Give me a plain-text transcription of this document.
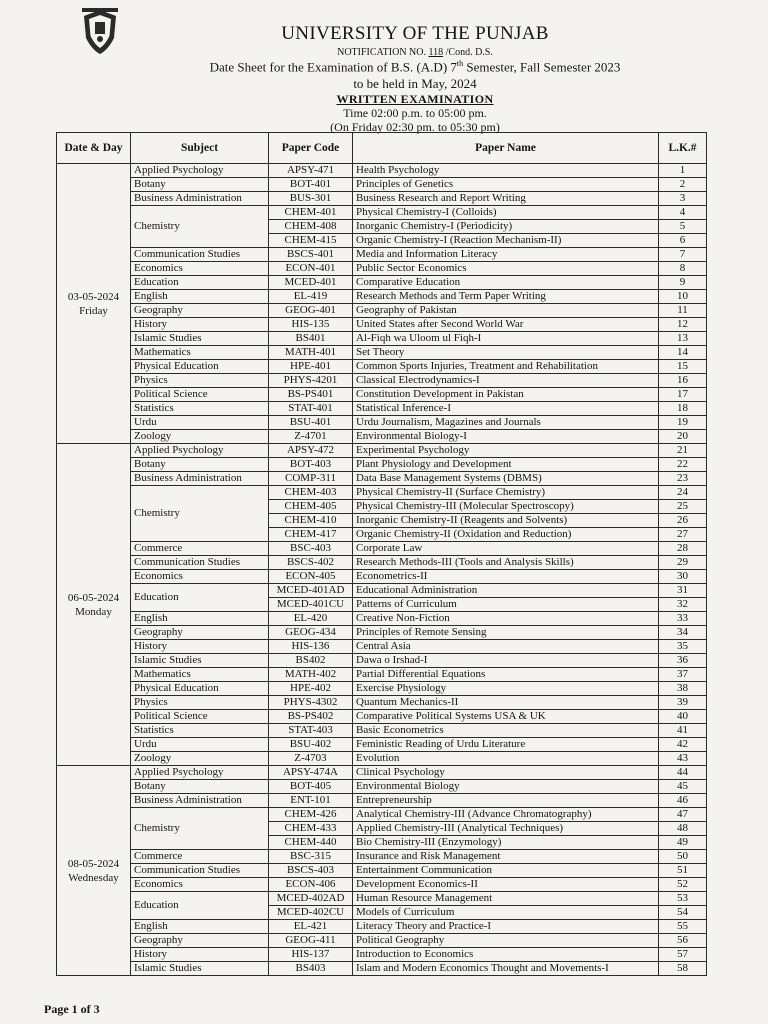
UNIVERSITY OF THE PUNJAB
NOTIFICATION NO. 118 /Cond. D.S.
Date Sheet for the Examination of B.S. (A.D) 7th Semester, Fall Semester 2023
to be held in May, 2024
WRITTEN EXAMINATION
Time 02:00 p.m. to 05:00 pm.
(On Friday 02:30 pm. to 05:30 pm)
Date & Day	Subject	Paper Code	Paper Name	L.K.#

03-05-2024
Friday	Applied Psychology	APSY-471	Health Psychology	1
	Botany	BOT-401	Principles of Genetics	2
	Business Administration	BUS-301	Business Research and Report Writing	3
	Chemistry	CHEM-401	Physical Chemistry-I (Colloids)	4
		CHEM-408	Inorganic Chemistry-I (Periodicity)	5
		CHEM-415	Organic Chemistry-I (Reaction Mechanism-II)	6
	Communication Studies	BSCS-401	Media and Information Literacy	7
	Economics	ECON-401	Public Sector Economics	8
	Education	MCED-401	Comparative Education	9
	English	EL-419	Research Methods and Term Paper Writing	10
	Geography	GEOG-401	Geography of Pakistan	11
	History	HIS-135	United States after Second World War	12
	Islamic Studies	BS401	Al-Fiqh wa Uloom ul Fiqh-I	13
	Mathematics	MATH-401	Set Theory	14
	Physical Education	HPE-401	Common Sports Injuries, Treatment and Rehabilitation	15
	Physics	PHYS-4201	Classical Electrodynamics-I	16
	Political Science	BS-PS401	Constitution Development in Pakistan	17
	Statistics	STAT-401	Statistical Inference-I	18
	Urdu	BSU-401	Urdu Journalism, Magazines and Journals	19
	Zoology	Z-4701	Environmental Biology-I	20

06-05-2024
Monday	Applied Psychology	APSY-472	Experimental Psychology	21
	Botany	BOT-403	Plant Physiology and Development	22
	Business Administration	COMP-311	Data Base Management Systems (DBMS)	23
	Chemistry	CHEM-403	Physical Chemistry-II (Surface Chemistry)	24
		CHEM-405	Physical Chemistry-III (Molecular Spectroscopy)	25
		CHEM-410	Inorganic Chemistry-II (Reagents and Solvents)	26
		CHEM-417	Organic Chemistry-II (Oxidation and Reduction)	27
	Commerce	BSC-403	Corporate Law	28
	Communication Studies	BSCS-402	Research Methods-III (Tools and Analysis Skills)	29
	Economics	ECON-405	Econometrics-II	30
	Education	MCED-401AD	Educational Administration	31
		MCED-401CU	Patterns of Curriculum	32
	English	EL-420	Creative Non-Fiction	33
	Geography	GEOG-434	Principles of Remote Sensing	34
	History	HIS-136	Central Asia	35
	Islamic Studies	BS402	Dawa o Irshad-I	36
	Mathematics	MATH-402	Partial Differential Equations	37
	Physical Education	HPE-402	Exercise Physiology	38
	Physics	PHYS-4302	Quantum Mechanics-II	39
	Political Science	BS-PS402	Comparative Political Systems USA & UK	40
	Statistics	STAT-403	Basic Econometrics	41
	Urdu	BSU-402	Feministic Reading of Urdu Literature	42
	Zoology	Z-4703	Evolution	43

08-05-2024
Wednesday	Applied Psychology	APSY-474A	Clinical Psychology	44
	Botany	BOT-405	Environmental Biology	45
	Business Administration	ENT-101	Entrepreneurship	46
	Chemistry	CHEM-426	Analytical Chemistry-III (Advance Chromatography)	47
		CHEM-433	Applied Chemistry-III (Analytical Techniques)	48
		CHEM-440	Bio Chemistry-III (Enzymology)	49
	Commerce	BSC-315	Insurance and Risk Management	50
	Communication Studies	BSCS-403	Entertainment Communication	51
	Economics	ECON-406	Development Economics-II	52
	Education	MCED-402AD	Human Resource Management	53
		MCED-402CU	Models of Curriculum	54
	English	EL-421	Literacy Theory and Practice-I	55
	Geography	GEOG-411	Political Geography	56
	History	HIS-137	Introduction to Economics	57
	Islamic Studies	BS403	Islam and Modern Economics Thought and Movements-I	58
Page 1 of 3
